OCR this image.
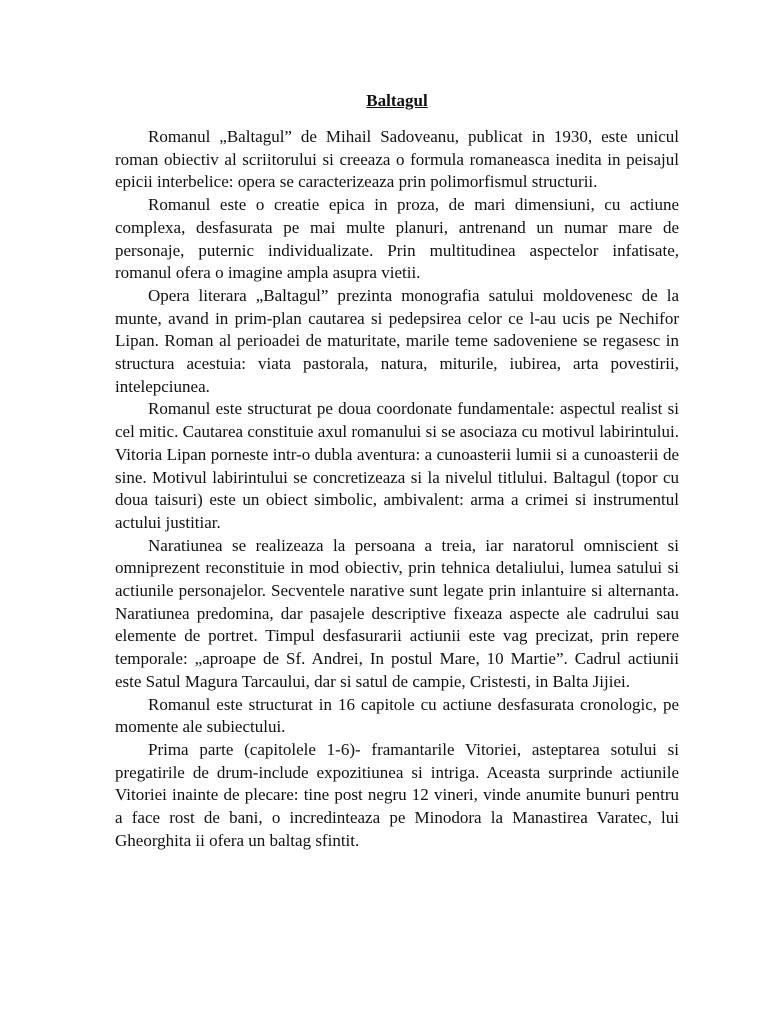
Baltagul

Romanul „Baltagul” de Mihail Sadoveanu, publicat in 1930, este unicul roman obiectiv al scriitorului si creeaza o formula romaneasca inedita in peisajul epicii interbelice: opera se caracterizeaza prin polimorfismul structurii.

Romanul este o creatie epica in proza, de mari dimensiuni, cu actiune complexa, desfasurata pe mai multe planuri, antrenand un numar mare de personaje, puternic individualizate. Prin multitudinea aspectelor infatisate, romanul ofera o imagine ampla asupra vietii.

Opera literara „Baltagul” prezinta monografia satului moldovenesc de la munte, avand in prim-plan cautarea si pedepsirea celor ce l-au ucis pe Nechifor Lipan. Roman al perioadei de maturitate, marile teme sadoveniene se regasesc in structura acestuia: viata pastorala, natura, miturile, iubirea, arta povestirii, intelepciunea.

Romanul este structurat pe doua coordonate fundamentale: aspectul realist si cel mitic. Cautarea constituie axul romanului si se asociaza cu motivul labirintului. Vitoria Lipan porneste intr-o dubla aventura: a cunoasterii lumii si a cunoasterii de sine. Motivul labirintului se concretizeaza si la nivelul titlului. Baltagul (topor cu doua taisuri) este un obiect simbolic, ambivalent: arma a crimei si instrumentul actului justitiar.

Naratiunea se realizeaza la persoana a treia, iar naratorul omniscient si omniprezent reconstituie in mod obiectiv, prin tehnica detaliului, lumea satului si actiunile personajelor. Secventele narative sunt legate prin inlantuire si alternanta. Naratiunea predomina, dar pasajele descriptive fixeaza aspecte ale cadrului sau elemente de portret. Timpul desfasurarii actiunii este vag precizat, prin repere temporale: „aproape de Sf. Andrei, In postul Mare, 10 Martie”. Cadrul actiunii este Satul Magura Tarcaului, dar si satul de campie, Cristesti, in Balta Jijiei.

Romanul este structurat in 16 capitole cu actiune desfasurata cronologic, pe momente ale subiectului.

Prima parte (capitolele 1-6)- framantarile Vitoriei, asteptarea sotului si pregatirile de drum-include expozitiunea si intriga. Aceasta surprinde actiunile Vitoriei inainte de plecare: tine post negru 12 vineri, vinde anumite bunuri pentru a face rost de bani, o incredinteaza pe Minodora la Manastirea Varatec, lui Gheorghita ii ofera un baltag sfintit.
